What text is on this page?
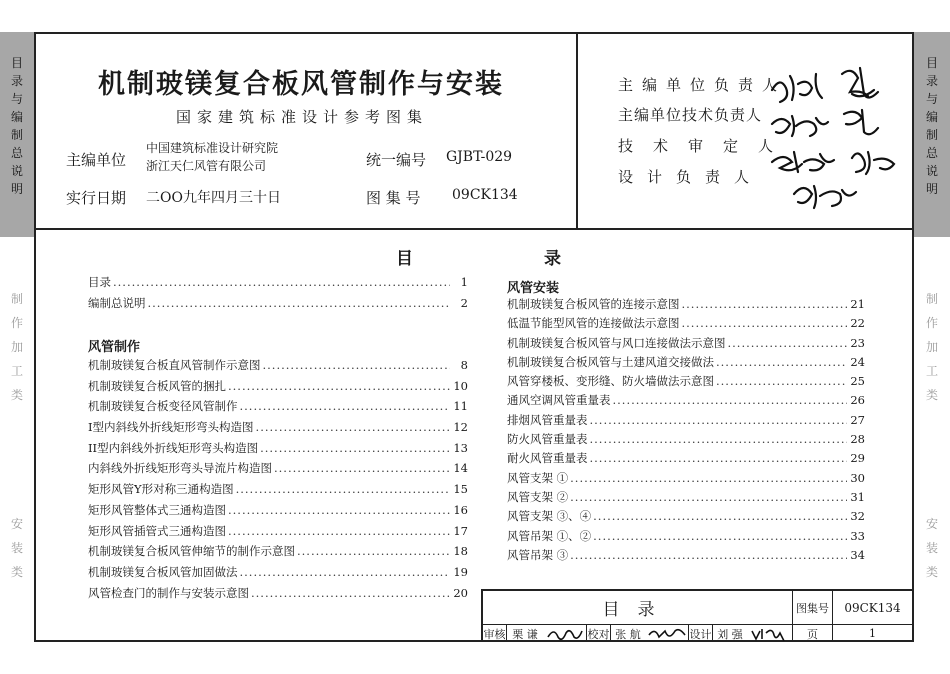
目
录
与
编
制
总
说
明
制
作
加
工
类
安
装
类
目
录
与
编
制
总
说
明
制
作
加
工
类
安
装
类
机制玻镁复合板风管制作与安装
国家建筑标准设计参考图集
主编单位
中国建筑标准设计研究院
浙江天仁风管有限公司
实行日期 二OO九年四月三十日
统一编号 GJBT-029
图 集 号 09CK134
主编单位负责人
主编单位技术负责人
技术审定人
设计负责人
目	录
目录 .....	1
编制总说明 .....	2
风管制作
机制玻镁复合板直风管制作示意图 .....	8
机制玻镁复合板风管的捆扎 .....	10
机制玻镁复合板变径风管制作 .....	11
I型内斜线外折线矩形弯头构造图 .....	12
II型内斜线外折线矩形弯头构造图 .....	13
内斜线外折线矩形弯头导流片构造图 .....	14
矩形风管Y形对称三通构造图 .....	15
矩形风管整体式三通构造图 .....	16
矩形风管插管式三通构造图 .....	17
机制玻镁复合板风管伸缩节的制作示意图 .....	18
机制玻镁复合板风管加固做法 .....	19
风管检查门的制作与安装示意图 .....	20
风管安装
机制玻镁复合板风管的连接示意图 .....	21
低温节能型风管的连接做法示意图 .....	22
机制玻镁复合板风管与风口连接做法示意图 .....	23
机制玻镁复合板风管与土建风道交接做法 .....	24
风管穿楼板、变形缝、防火墙做法示意图 .....	25
通风空调风管重量表 .....	26
排烟风管重量表 .....	27
防火风管重量表 .....	28
耐火风管重量表 .....	29
风管支架 ① .....	30
风管支架 ② .....	31
风管支架 ③、④ .....	32
风管吊架 ①、② .....	33
风管吊架 ③ .....	34
目 录	图集号	09CK134
审核 栗 谦	校对 张 航	设计 刘 强	页	1
